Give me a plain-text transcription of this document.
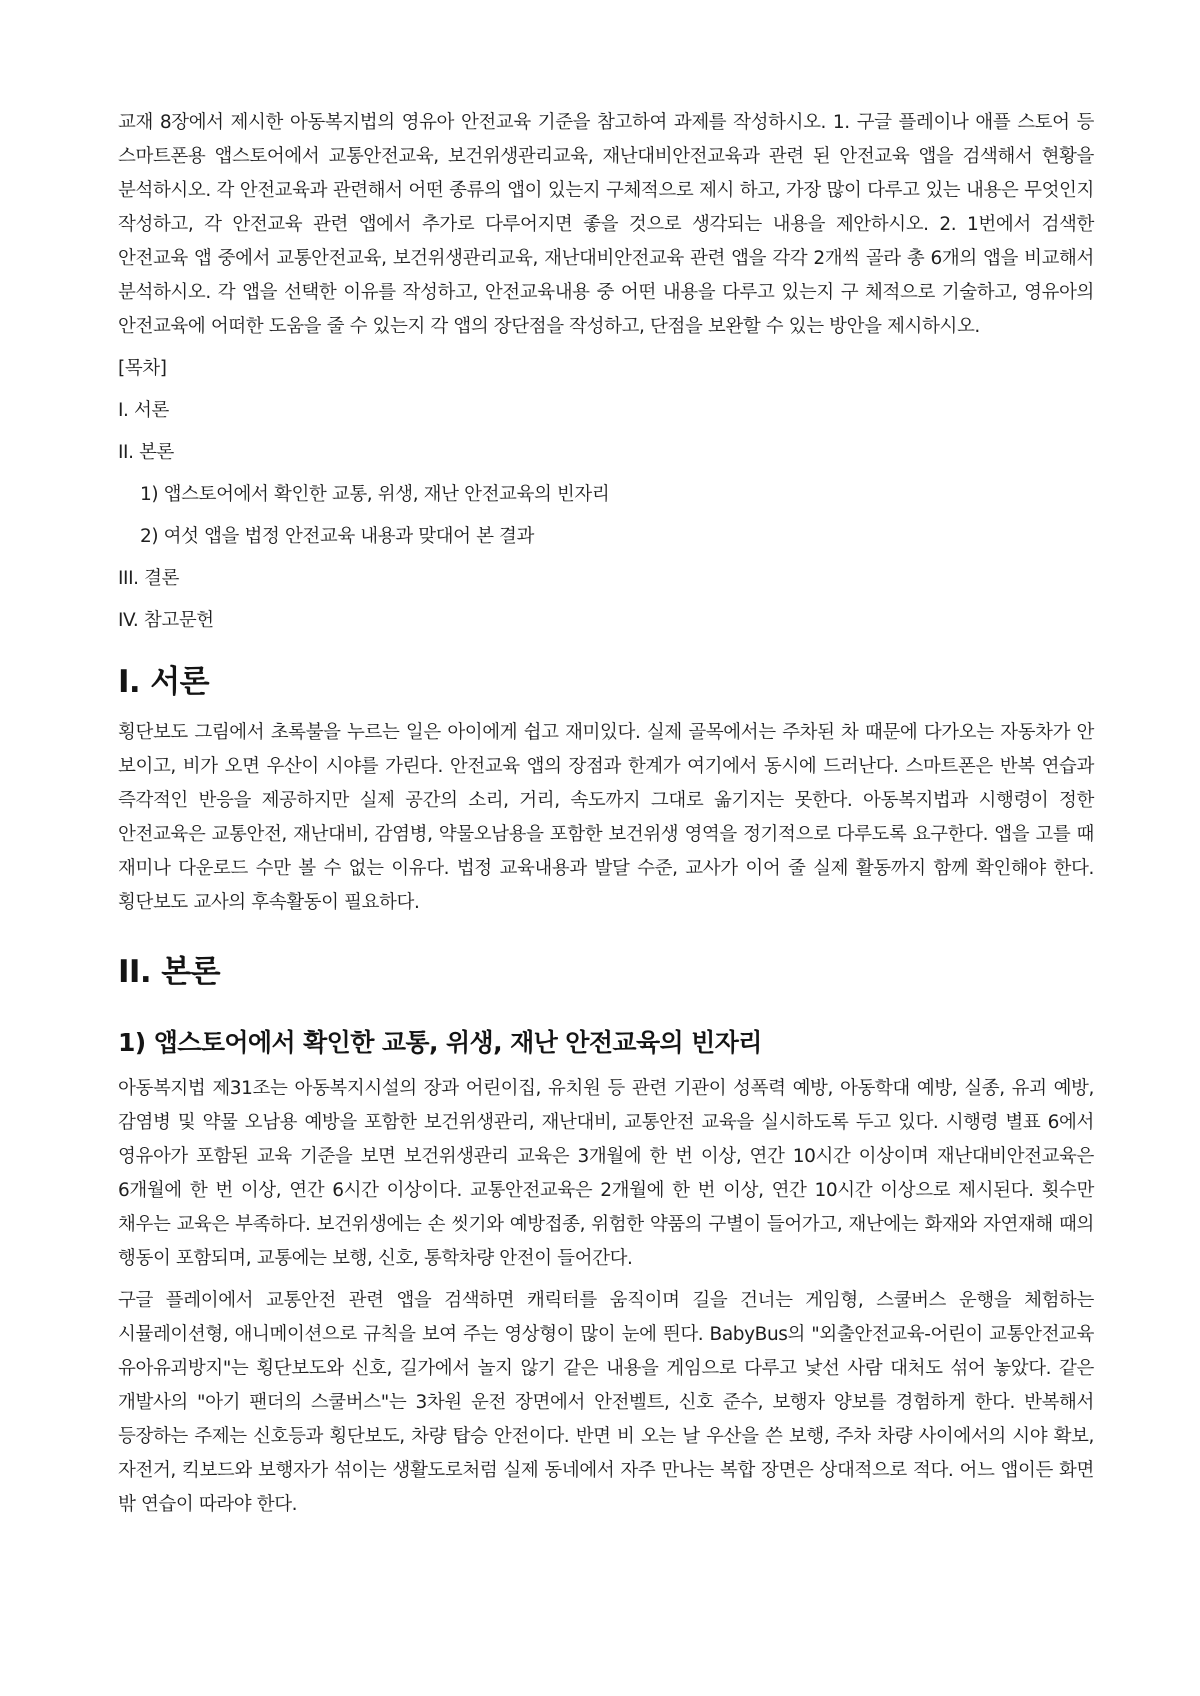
교재 8장에서 제시한 아동복지법의 영유아 안전교육 기준을 참고하여 과제를 작성하시오. 1. 구글 플레이나 애플 스토어 등 스마트폰용 앱스토어에서 교통안전교육, 보건위생관리교육, 재난대비안전교육과 관련 된 안전교육 앱을 검색해서 현황을 분석하시오. 각 안전교육과 관련해서 어떤 종류의 앱이 있는지 구체적으로 제시 하고, 가장 많이 다루고 있는 내용은 무엇인지 작성하고, 각 안전교육 관련 앱에서 추가로 다루어지면 좋을 것으로 생각되는 내용을 제안하시오. 2. 1번에서 검색한 안전교육 앱 중에서 교통안전교육, 보건위생관리교육, 재난대비안전교육 관련 앱을 각각 2개씩 골라 총 6개의 앱을 비교해서 분석하시오. 각 앱을 선택한 이유를 작성하고, 안전교육내용 중 어떤 내용을 다루고 있는지 구 체적으로 기술하고, 영유아의 안전교육에 어떠한 도움을 줄 수 있는지 각 앱의 장단점을 작성하고, 단점을 보완할 수 있는 방안을 제시하시오.

[목차]

I. 서론
II. 본론
1) 앱스토어에서 확인한 교통, 위생, 재난 안전교육의 빈자리
2) 여섯 앱을 법정 안전교육 내용과 맞대어 본 결과
III. 결론
IV. 참고문헌
I. 서론

횡단보도 그림에서 초록불을 누르는 일은 아이에게 쉽고 재미있다. 실제 골목에서는 주차된 차 때문에 다가오는 자동차가 안 보이고, 비가 오면 우산이 시야를 가린다. 안전교육 앱의 장점과 한계가 여기에서 동시에 드러난다. 스마트폰은 반복 연습과 즉각적인 반응을 제공하지만 실제 공간의 소리, 거리, 속도까지 그대로 옮기지는 못한다. 아동복지법과 시행령이 정한 안전교육은 교통안전, 재난대비, 감염병, 약물오남용을 포함한 보건위생 영역을 정기적으로 다루도록 요구한다. 앱을 고를 때 재미나 다운로드 수만 볼 수 없는 이유다. 법정 교육내용과 발달 수준, 교사가 이어 줄 실제 활동까지 함께 확인해야 한다. 횡단보도 교사의 후속활동이 필요하다.

II. 본론
1) 앱스토어에서 확인한 교통, 위생, 재난 안전교육의 빈자리

아동복지법 제31조는 아동복지시설의 장과 어린이집, 유치원 등 관련 기관이 성폭력 예방, 아동학대 예방, 실종, 유괴 예방, 감염병 및 약물 오남용 예방을 포함한 보건위생관리, 재난대비, 교통안전 교육을 실시하도록 두고 있다. 시행령 별표 6에서 영유아가 포함된 교육 기준을 보면 보건위생관리 교육은 3개월에 한 번 이상, 연간 10시간 이상이며 재난대비안전교육은 6개월에 한 번 이상, 연간 6시간 이상이다. 교통안전교육은 2개월에 한 번 이상, 연간 10시간 이상으로 제시된다. 횟수만 채우는 교육은 부족하다. 보건위생에는 손 씻기와 예방접종, 위험한 약품의 구별이 들어가고, 재난에는 화재와 자연재해 때의 행동이 포함되며, 교통에는 보행, 신호, 통학차량 안전이 들어간다.

구글 플레이에서 교통안전 관련 앱을 검색하면 캐릭터를 움직이며 길을 건너는 게임형, 스쿨버스 운행을 체험하는 시뮬레이션형, 애니메이션으로 규칙을 보여 주는 영상형이 많이 눈에 띈다. BabyBus의 "외출안전교육-어린이 교통안전교육 유아유괴방지"는 횡단보도와 신호, 길가에서 놀지 않기 같은 내용을 게임으로 다루고 낯선 사람 대처도 섞어 놓았다. 같은 개발사의 "아기 팬더의 스쿨버스"는 3차원 운전 장면에서 안전벨트, 신호 준수, 보행자 양보를 경험하게 한다. 반복해서 등장하는 주제는 신호등과 횡단보도, 차량 탑승 안전이다. 반면 비 오는 날 우산을 쓴 보행, 주차 차량 사이에서의 시야 확보, 자전거, 킥보드와 보행자가 섞이는 생활도로처럼 실제 동네에서 자주 만나는 복합 장면은 상대적으로 적다. 어느 앱이든 화면 밖 연습이 따라야 한다.
